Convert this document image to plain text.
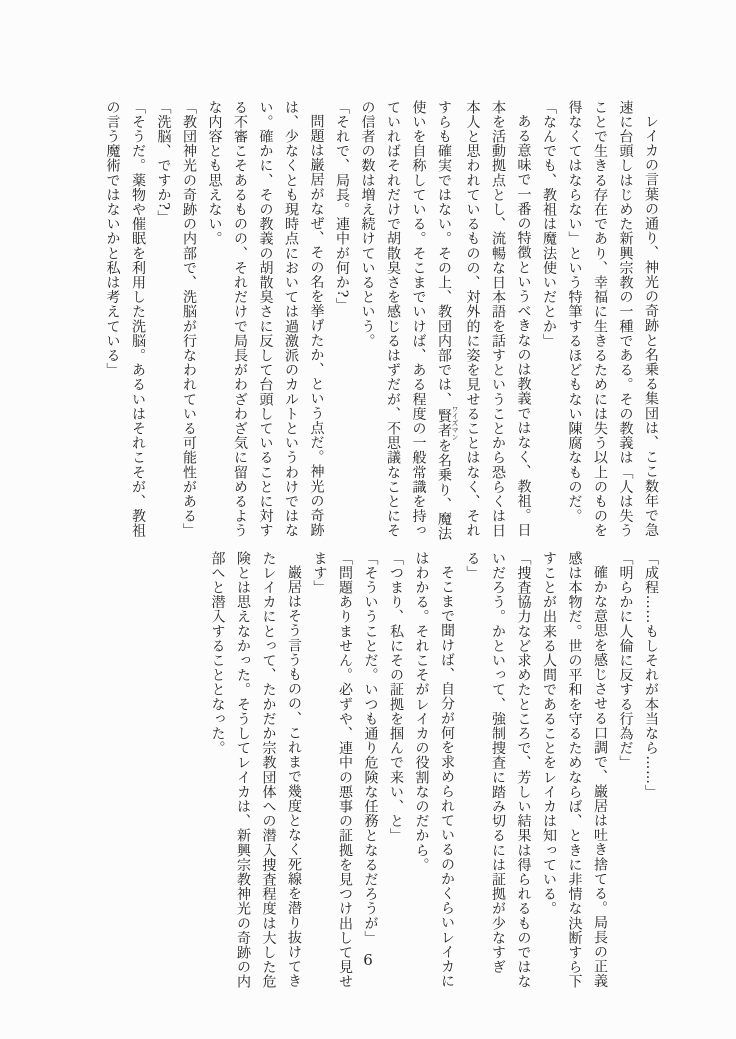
レイカの言葉の通り、神光の奇跡と名乗る集団は、ここ数年で急
速に台頭しはじめた新興宗教の一種である。その教義は「人は失う
ことで生きる存在であり、幸福に生きるためには失う以上のものを
得なくてはならない」という特筆するほどもない陳腐なものだ。
「なんでも、教祖は魔法使いだとか」
ある意味で一番の特徴というべきなのは教義ではなく、教祖。日
本を活動拠点とし、流暢な日本語を話すということから恐らくは日
本人と思われているものの、対外的に姿を見せることはなく、それ
すらも確実ではない。その上、教団内部では、賢者 ワイズマンを名乗り、魔法
使いを自称している。そこまでいけば、ある程度の一般常識を持っ
ていればそれだけで胡散臭さを感じるはずだが、不思議なことにそ
の信者の数は増え続けているという。
「それで、局長。連中が何か?」
問題は巌居がなぜ、その名を挙げたか、という点だ。神光の奇跡
は、少なくとも現時点においては過激派のカルトというわけではな
い。確かに、その教義の胡散臭さに反して台頭していることに対す
る不審こそあるものの、それだけで局長がわざわざ気に留めるよう
な内容とも思えない。
「教団神光の奇跡の内部で、洗脳が行なわれている可能性がある」
「洗脳、ですか?」
「そうだ。薬物や催眠を利用した洗脳。あるいはそれこそが、教祖
の言う魔術ではないかと私は考えている」
「成程……もしそれが本当なら……」
「明らかに人倫に反する行為だ」
確かな意思を感じさせる口調で、巌居は吐き捨てる。局長の正義
感は本物だ。世の平和を守るためならば、ときに非情な決断すら下
すことが出来る人間であることをレイカは知っている。
「捜査協力など求めたところで、芳しい結果は得られるものではな
いだろう。かといって、強制捜査に踏み切るには証拠が少なすぎ
る」
そこまで聞けば、自分が何を求められているのかくらいレイカに
はわかる。それこそがレイカの役割なのだから。
「つまり、私にその証拠を掴んで来い、と」
「そういうことだ。いつも通り危険な任務となるだろうが」
「問題ありません。必ずや、連中の悪事の証拠を見つけ出して見せ
ます」
巌居はそう言うものの、これまで幾度となく死線を潜り抜けてき
たレイカにとって、たかだか宗教団体への潜入捜査程度は大した危
険とは思えなかった。そうしてレイカは、新興宗教神光の奇跡の内
部へと潜入することとなった。
6
